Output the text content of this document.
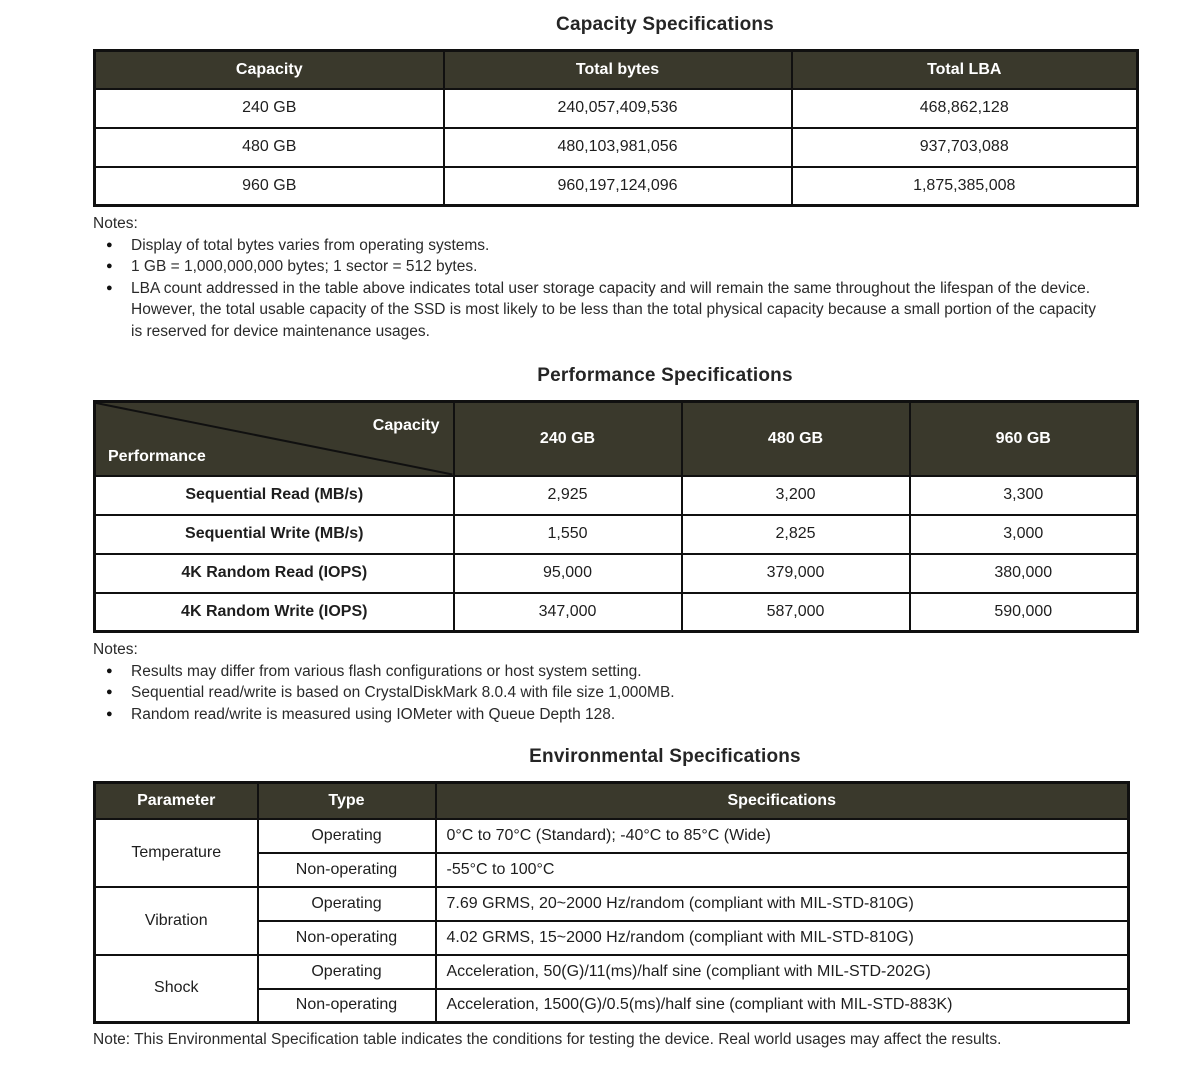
Capacity Specifications
Capacity	Total bytes	Total LBA
240 GB	240,057,409,536	468,862,128
480 GB	480,103,981,056	937,703,088
960 GB	960,197,124,096	1,875,385,008
Notes:
●	Display of total bytes varies from operating systems.
●	1 GB = 1,000,000,000 bytes; 1 sector = 512 bytes.
●	LBA count addressed in the table above indicates total user storage capacity and will remain the same throughout the lifespan of the device. However, the total usable capacity of the SSD is most likely to be less than the total physical capacity because a small portion of the capacity is reserved for device maintenance usages.
Performance Specifications
Capacity
Performance	240 GB	480 GB	960 GB
Sequential Read (MB/s)	2,925	3,200	3,300
Sequential Write (MB/s)	1,550	2,825	3,000
4K Random Read (IOPS)	95,000	379,000	380,000
4K Random Write (IOPS)	347,000	587,000	590,000
Notes:
●	Results may differ from various flash configurations or host system setting.
●	Sequential read/write is based on CrystalDiskMark 8.0.4 with file size 1,000MB.
●	Random read/write is measured using IOMeter with Queue Depth 128.
Environmental Specifications
Parameter	Type	Specifications
Temperature	Operating	0°C to 70°C (Standard); -40°C to 85°C (Wide)
	Non-operating	-55°C to 100°C
Vibration	Operating	7.69 GRMS, 20~2000 Hz/random (compliant with MIL-STD-810G)
	Non-operating	4.02 GRMS, 15~2000 Hz/random (compliant with MIL-STD-810G)
Shock	Operating	Acceleration, 50(G)/11(ms)/half sine (compliant with MIL-STD-202G)
	Non-operating	Acceleration, 1500(G)/0.5(ms)/half sine (compliant with MIL-STD-883K)
Note: This Environmental Specification table indicates the conditions for testing the device. Real world usages may affect the results.
